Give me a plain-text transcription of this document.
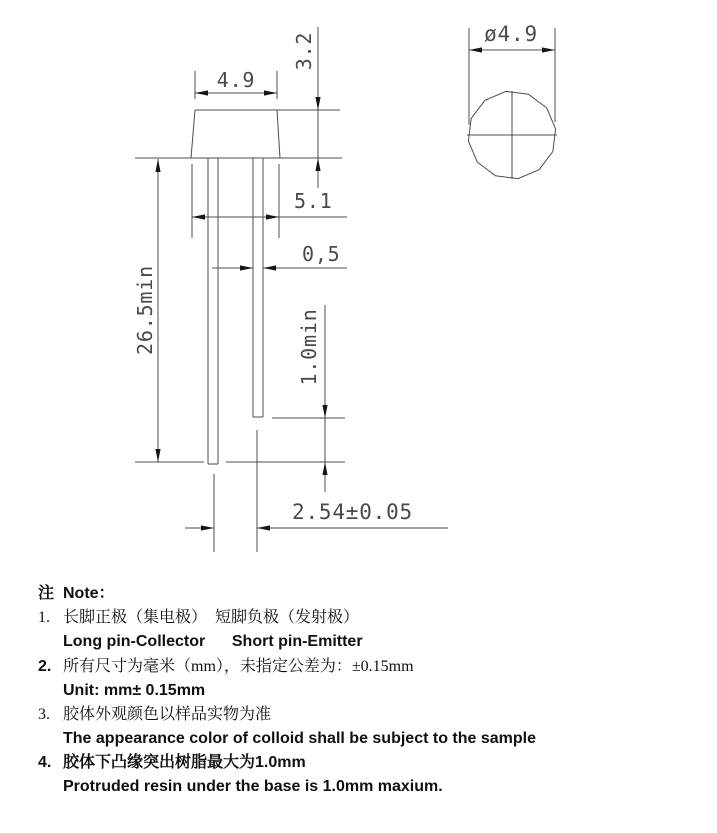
4.9
3.2
5.1
0,5
26.5min	1.0min
2.54±0.05
ø4.9
注 Note：
1. 长脚正极（集电极）　短脚负极（发射极）
Long pin-Collector      Short pin-Emitter
2. 所有尺寸为毫米（mm），未指定公差为：±0.15mm
Unit: mm± 0.15mm
3. 胶体外观颜色以样品实物为准
The appearance color of colloid shall be subject to the sample
4. 胶体下凸缘突出树脂最大为1.0mm
Protruded resin under the base is 1.0mm maxium.
